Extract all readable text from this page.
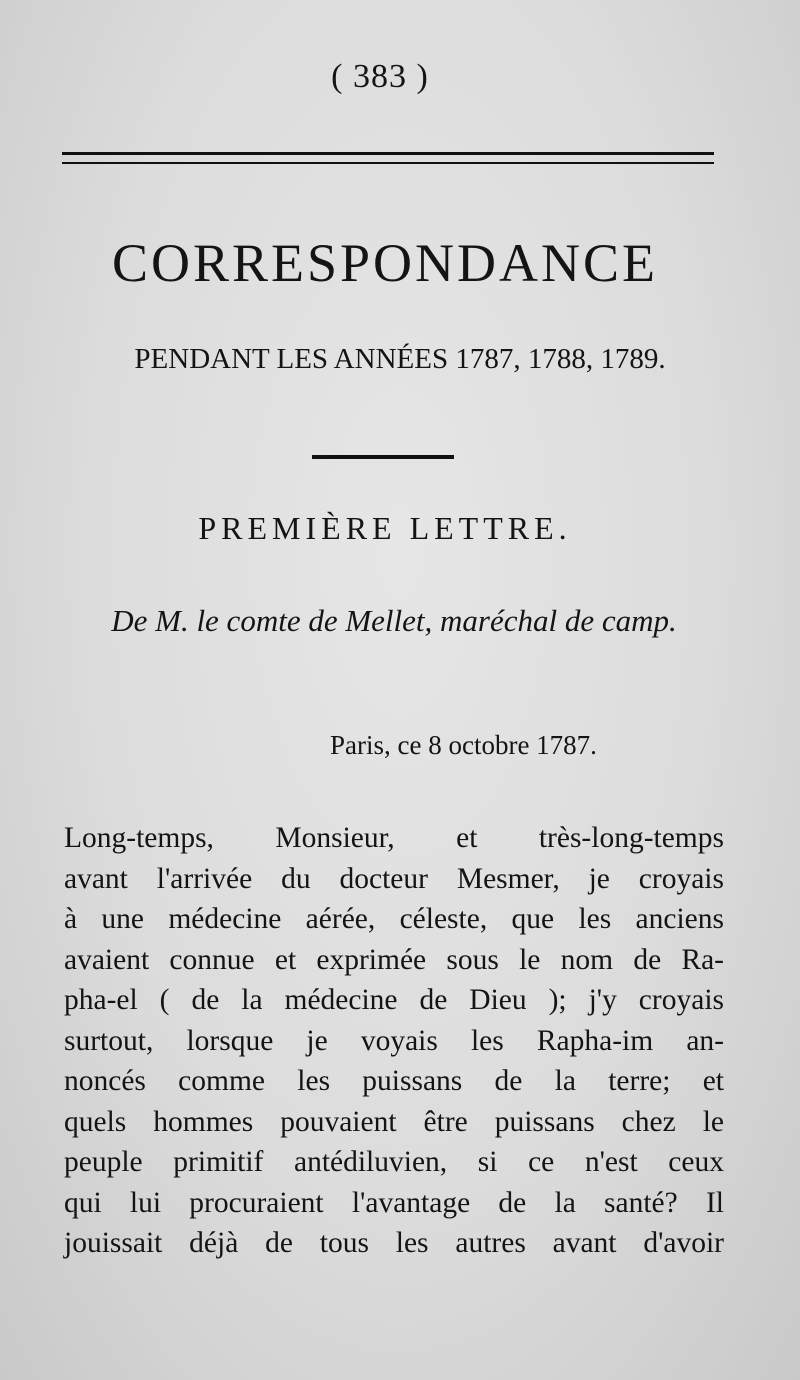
( 383 )
CORRESPONDANCE
PENDANT LES ANNÉES 1787, 1788, 1789.
PREMIÈRE LETTRE.
De M. le comte de Mellet, maréchal de camp.
Paris, ce 8 octobre 1787.
Long-temps, Monsieur, et très-long-temps
avant l'arrivée du docteur Mesmer, je croyais
à une médecine aérée, céleste, que les anciens
avaient connue et exprimée sous le nom de Ra-
pha-el ( de la médecine de Dieu ); j'y croyais
surtout, lorsque je voyais les Rapha-im an-
noncés comme les puissans de la terre; et
quels hommes pouvaient être puissans chez le
peuple primitif antédiluvien, si ce n'est ceux
qui lui procuraient l'avantage de la santé? Il
jouissait déjà de tous les autres avant d'avoir
